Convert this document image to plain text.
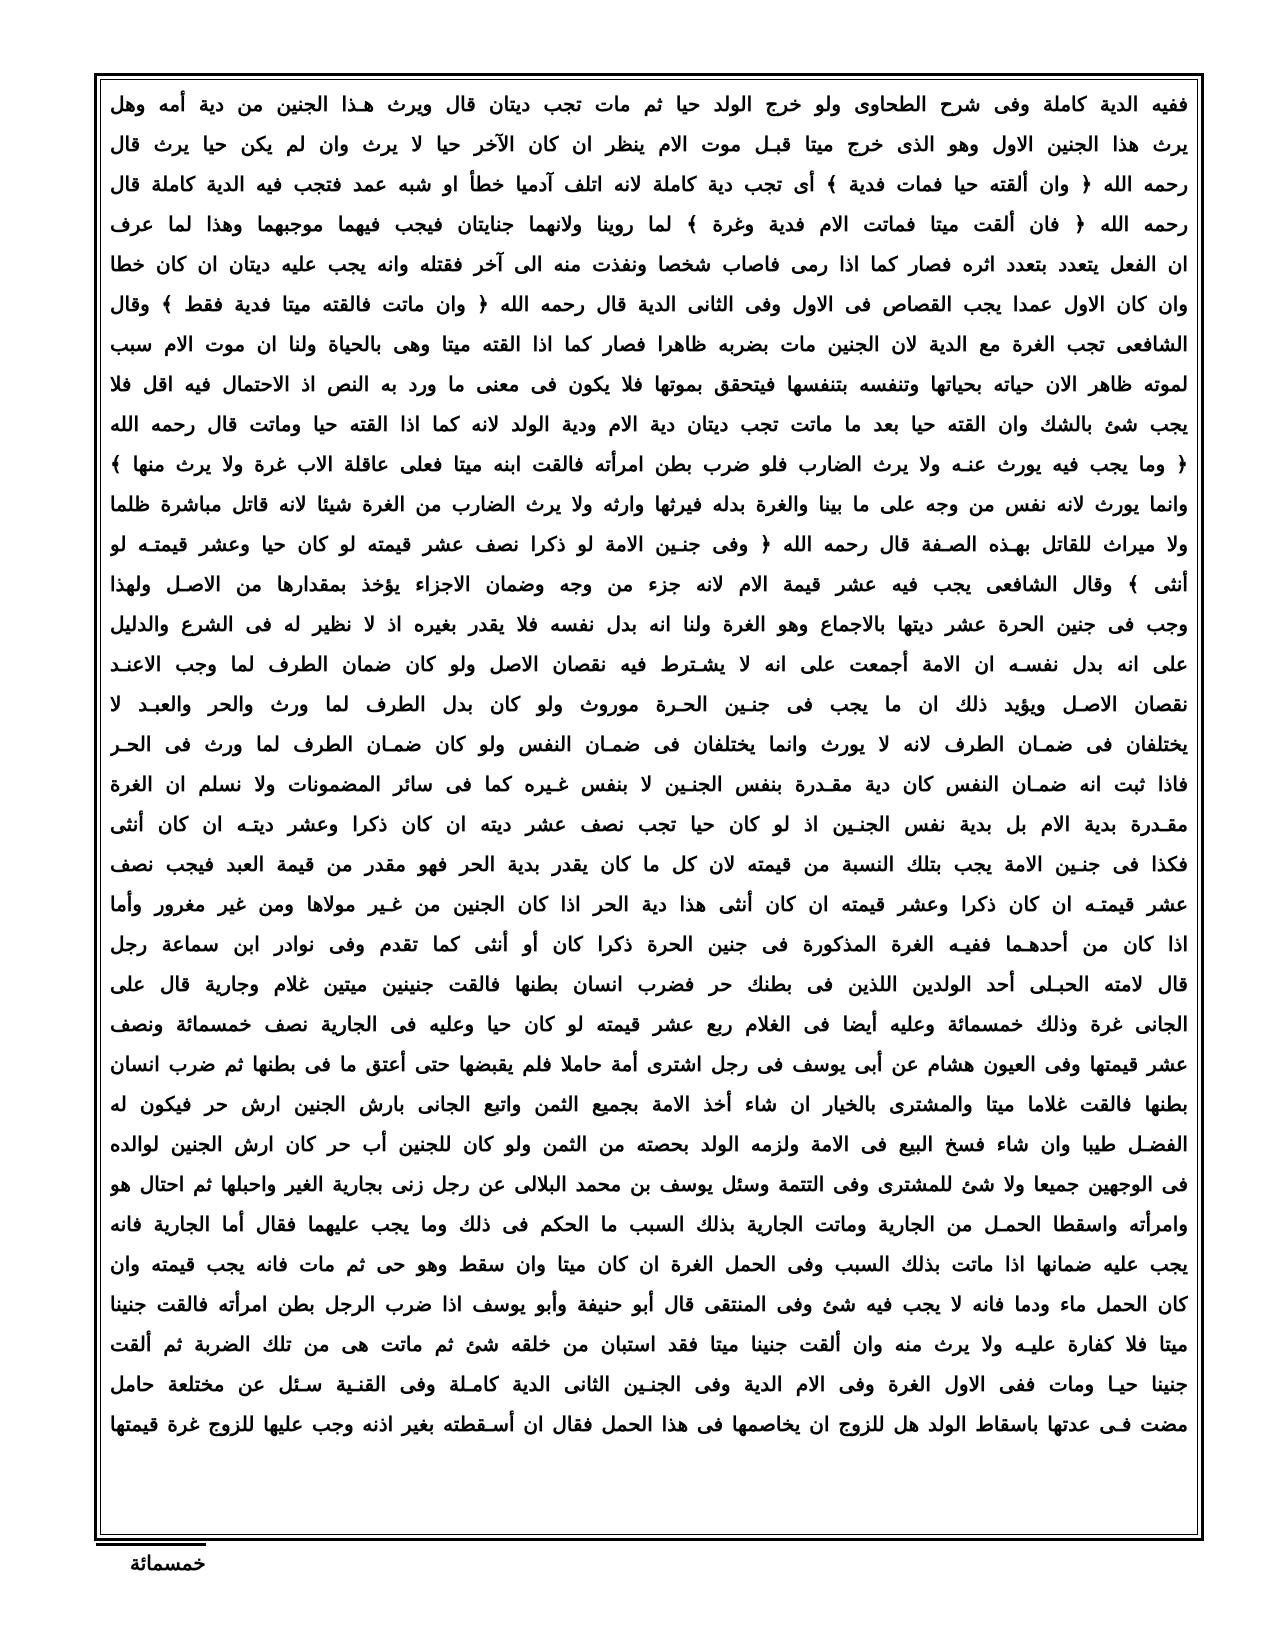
ففيه الدية كاملة وفى شرح الطحاوى ولو خرج الولد حيا ثم مات تجب ديتان قال ويرث هـذا الجنين من دية أمه وهل
يرث هذا الجنين الاول وهو الذى خرج ميتا قبـل موت الام ينظر ان كان الآخر حيا لا يرث وان لم يكن حيا يرث قال
رحمه الله ﴿ وان ألقته حيا فمات فدية ﴾ أى تجب دية كاملة لانه اتلف آدميا خطأ او شبه عمد فتجب فيه الدية كاملة قال
رحمه الله ﴿ فان ألقت ميتا فماتت الام فدية وغرة ﴾ لما روينا ولانهما جنايتان فيجب فيهما موجبهما وهذا لما عرف
ان الفعل يتعدد بتعدد اثره فصار كما اذا رمى فاصاب شخصا ونفذت منه الى آخر فقتله وانه يجب عليه ديتان ان كان خطا
وان كان الاول عمدا يجب القصاص فى الاول وفى الثانى الدية قال رحمه الله ﴿ وان ماتت فالقته ميتا فدية فقط ﴾ وقال
الشافعى تجب الغرة مع الدية لان الجنين مات بضربه ظاهرا فصار كما اذا القته ميتا وهى بالحياة ولنا ان موت الام سبب
لموته ظاهر الان حياته بحياتها وتنفسه بتنفسها فيتحقق بموتها فلا يكون فى معنى ما ورد به النص اذ الاحتمال فيه اقل فلا
يجب شئ بالشك وان القته حيا بعد ما ماتت تجب ديتان دية الام ودية الولد لانه كما اذا القته حيا وماتت قال رحمه الله
﴿ وما يجب فيه يورث عنـه ولا يرث الضارب فلو ضرب بطن امرأته فالقت ابنه ميتا فعلى عاقلة الاب غرة ولا يرث منها ﴾
وانما يورث لانه نفس من وجه على ما بينا والغرة بدله فيرثها وارثه ولا يرث الضارب من الغرة شيئا لانه قاتل مباشرة ظلما
ولا ميراث للقاتل بهـذه الصـفة قال رحمه الله ﴿ وفى جنـين الامة لو ذكرا نصف عشر قيمته لو كان حيا وعشر قيمتـه لو
أنثى ﴾ وقال الشافعى يجب فيه عشر قيمة الام لانه جزء من وجه وضمان الاجزاء يؤخذ بمقدارها من الاصـل ولهذا
وجب فى جنين الحرة عشر ديتها بالاجماع وهو الغرة ولنا انه بدل نفسه فلا يقدر بغيره اذ لا نظير له فى الشرع والدليل
على انه بدل نفسـه ان الامة أجمعت على انه لا يشـترط فيه نقصان الاصل ولو كان ضمان الطرف لما وجب الاعنـد
نقصان الاصـل ويؤيد ذلك ان ما يجب فى جنـين الحـرة موروث ولو كان بدل الطرف لما ورث والحر والعبـد لا
يختلفان فى ضمـان الطرف لانه لا يورث وانما يختلفان فى ضمـان النفس ولو كان ضمـان الطرف لما ورث فى الحـر
فاذا ثبت انه ضمـان النفس كان دية مقـدرة بنفس الجنـين لا بنفس غـيره كما فى سائر المضمونات ولا نسلم ان الغرة
مقـدرة بدية الام بل بدية نفس الجنـين اذ لو كان حيا تجب نصف عشر ديته ان كان ذكرا وعشر ديتـه ان كان أنثى
فكذا فى جنـين الامة يجب بتلك النسبة من قيمته لان كل ما كان يقدر بدية الحر فهو مقدر من قيمة العبد فيجب نصف
عشر قيمتـه ان كان ذكرا وعشر قيمته ان كان أنثى هذا دية الحر اذا كان الجنين من غـير مولاها ومن غير مغرور وأما
اذا كان من أحدهـما ففيـه الغرة المذكورة فى جنين الحرة ذكرا كان أو أنثى كما تقدم وفى نوادر ابن سماعة رجل
قال لامته الحبـلى أحد الولدين اللذين فى بطنك حر فضرب انسان بطنها فالقت جنينين ميتين غلام وجارية قال على
الجانى غرة وذلك خمسمائة وعليه أيضا فى الغلام ربع عشر قيمته لو كان حيا وعليه فى الجارية نصف خمسمائة ونصف
عشر قيمتها وفى العيون هشام عن أبى يوسف فى رجل اشترى أمة حاملا فلم يقبضها حتى أعتق ما فى بطنها ثم ضرب انسان
بطنها فالقت غلاما ميتا والمشترى بالخيار ان شاء أخذ الامة بجميع الثمن واتبع الجانى بارش الجنين ارش حر فيكون له
الفضـل طيبا وان شاء فسخ البيع فى الامة ولزمه الولد بحصته من الثمن ولو كان للجنين أب حر كان ارش الجنين لوالده
فى الوجهين جميعا ولا شئ للمشترى وفى التتمة وسئل يوسف بن محمد البلالى عن رجل زنى بجارية الغير واحبلها ثم احتال هو
وامرأته واسقطا الحمـل من الجارية وماتت الجارية بذلك السبب ما الحكم فى ذلك وما يجب عليهما فقال أما الجارية فانه
يجب عليه ضمانها اذا ماتت بذلك السبب وفى الحمل الغرة ان كان ميتا وان سقط وهو حى ثم مات فانه يجب قيمته وان
كان الحمل ماء ودما فانه لا يجب فيه شئ وفى المنتقى قال أبو حنيفة وأبو يوسف اذا ضرب الرجل بطن امرأته فالقت جنينا
ميتا فلا كفارة عليـه ولا يرث منه وان ألقت جنينا ميتا فقد استبان من خلقه شئ ثم ماتت هى من تلك الضربة ثم ألقت
جنينا حيـا ومات ففى الاول الغرة وفى الام الدية وفى الجنـين الثانى الدية كامـلة وفى القنـية سـئل عن مختلعة حامل
مضت فـى عدتها باسقاط الولد هل للزوج ان يخاصمها فى هذا الحمل فقال ان أسـقطته بغير اذنه وجب عليها للزوج غرة قيمتها
خمسمائة
